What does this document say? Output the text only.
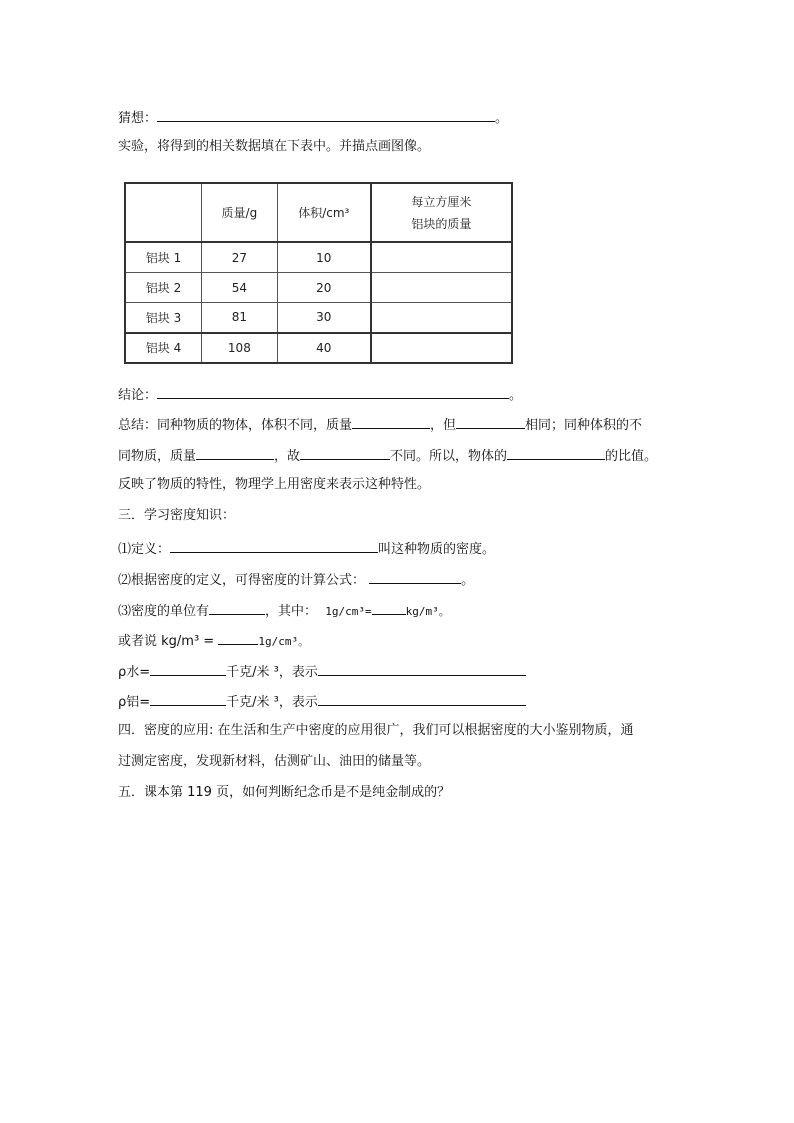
猜想：	。
实验，将得到的相关数据填在下表中。并描点画图像。
	质量/g	体积/cm³	每立方厘米
铝块的质量

铝块 1	27	10	
铝块 2	54	20	
铝块 3	81	30	
铝块 4	108	40	
结论：	。
总结：同种物质的物体，体积不同，质量	，但	相同；同种体积的不
同物质，质量	，故	不同。所以，物体的	的比值。
反映了物质的特性，物理学上用密度来表示这种特性。
三．学习密度知识：
⑴定义：	叫这种物质的密度。
⑵根据密度的定义，可得密度的计算公式：	。
⑶密度的单位有	，其中： 1g/cm³=	kg/m³。
或者说 kg/m³ =	1g/cm³。
ρ水=	千克/米 ³，表示
ρ铝=	千克/米 ³，表示
四．密度的应用: 在生活和生产中密度的应用很广，我们可以根据密度的大小鉴别物质，通
过测定密度，发现新材料，估测矿山、油田的储量等。
五．课本第 119 页，如何判断纪念币是不是纯金制成的？
